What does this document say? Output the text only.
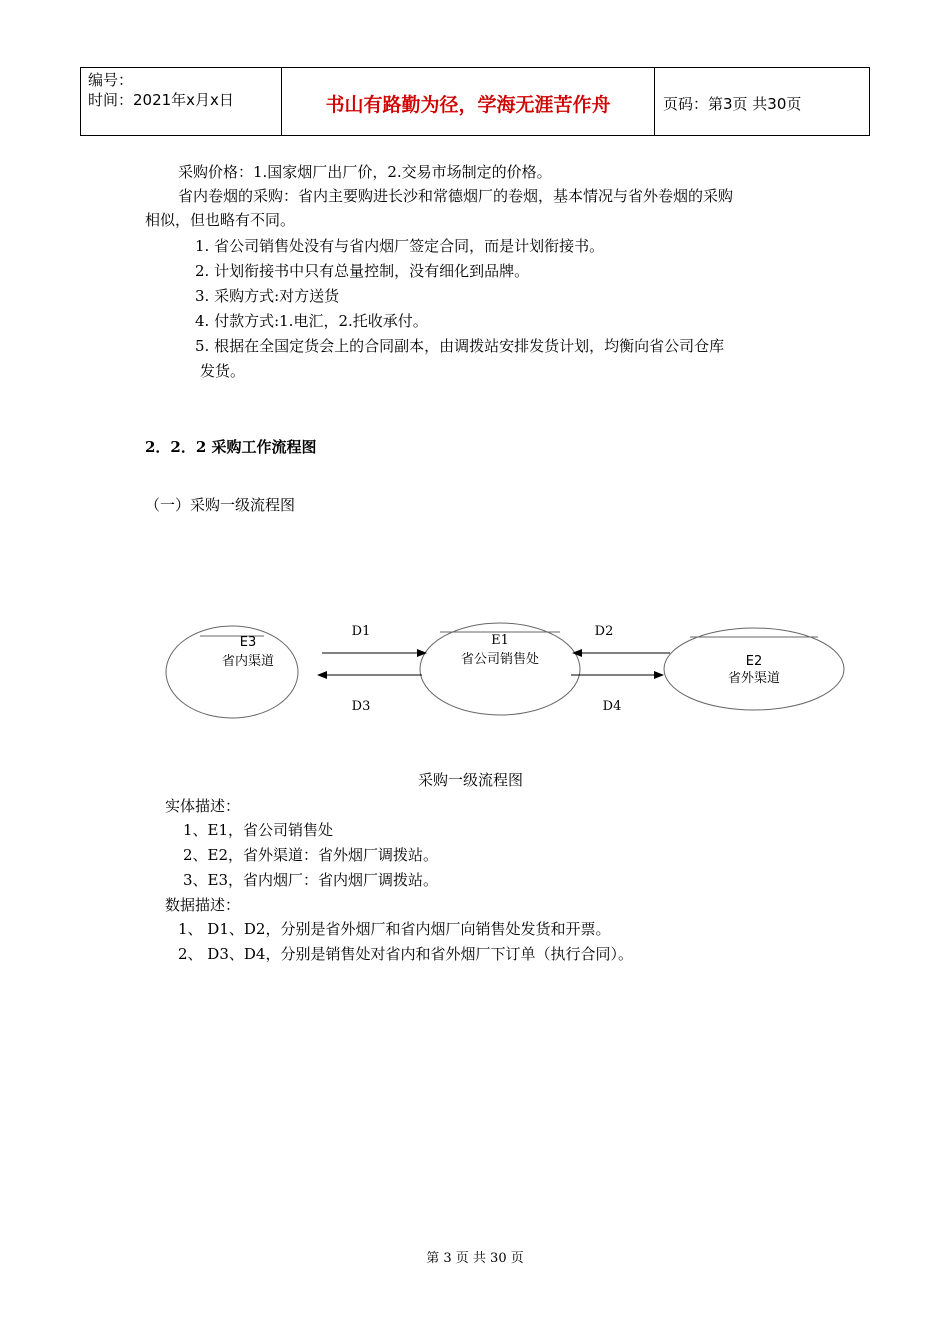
编号：
时间：2021年x月x日	书山有路勤为径，学海无涯苦作舟	页码：第3页 共30页
采购价格：1.国家烟厂出厂价，2.交易市场制定的价格。
省内卷烟的采购：省内主要购进长沙和常德烟厂的卷烟，基本情况与省外卷烟的采购
相似，但也略有不同。
1. 省公司销售处没有与省内烟厂签定合同，而是计划衔接书。
2. 计划衔接书中只有总量控制，没有细化到品牌。
3. 采购方式:对方送货
4. 付款方式:1.电汇，2.托收承付。
5. 根据在全国定货会上的合同副本，由调拨站安排发货计划，均衡向省公司仓库
发货。
2．2．2 采购工作流程图
（一）采购一级流程图
E3
省内渠道
E1
省公司销售处	E2
省外渠道
D1	D2
D3	D4
采购一级流程图
实体描述：
1、E1，省公司销售处
2、E2，省外渠道：省外烟厂调拨站。
3、E3，省内烟厂：省内烟厂调拨站。
数据描述：
1、 D1、D2，分别是省外烟厂和省内烟厂向销售处发货和开票。
2、 D3、D4，分别是销售处对省内和省外烟厂下订单（执行合同）。
第 3 页 共 30 页
